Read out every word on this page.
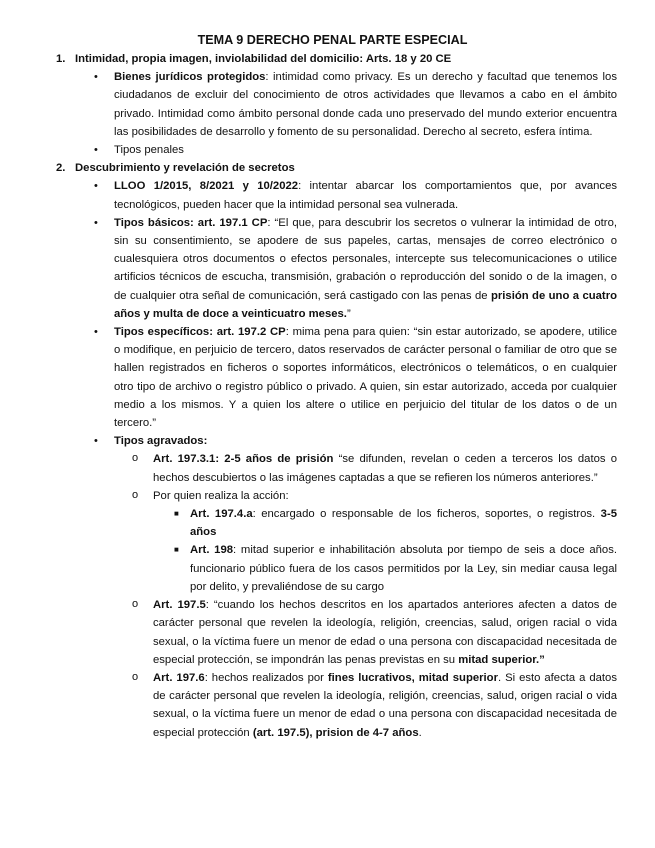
TEMA 9 DERECHO PENAL PARTE ESPECIAL
1. Intimidad, propia imagen, inviolabilidad del domicilio: Arts. 18 y 20 CE
• Bienes jurídicos protegidos: intimidad como privacy. Es un derecho y facultad que tenemos los ciudadanos de excluir del conocimiento de otros actividades que llevamos a cabo en el ámbito privado. Intimidad como ámbito personal donde cada uno preservado del mundo exterior encuentra las posibilidades de desarrollo y fomento de su personalidad. Derecho al secreto, esfera íntima.
• Tipos penales
2. Descubrimiento y revelación de secretos
• LLOO 1/2015, 8/2021 y 10/2022: intentar abarcar los comportamientos que, por avances tecnológicos, pueden hacer que la intimidad personal sea vulnerada.
• Tipos básicos: art. 197.1 CP: “El que, para descubrir los secretos o vulnerar la intimidad de otro, sin su consentimiento, se apodere de sus papeles, cartas, mensajes de correo electrónico o cualesquiera otros documentos o efectos personales, intercepte sus telecomunicaciones o utilice artificios técnicos de escucha, transmisión, grabación o reproducción del sonido o de la imagen, o de cualquier otra señal de comunicación, será castigado con las penas de prisión de uno a cuatro años y multa de doce a veinticuatro meses.”
• Tipos específicos: art. 197.2 CP: mima pena para quien: “sin estar autorizado, se apodere, utilice o modifique, en perjuicio de tercero, datos reservados de carácter personal o familiar de otro que se hallen registrados en ficheros o soportes informáticos, electrónicos o telemáticos, o en cualquier otro tipo de archivo o registro público o privado. A quien, sin estar autorizado, acceda por cualquier medio a los mismos. Y a quien los altere o utilice en perjuicio del titular de los datos o de un tercero.”
• Tipos agravados:
o Art. 197.3.1: 2-5 años de prisión “se difunden, revelan o ceden a terceros los datos o hechos descubiertos o las imágenes captadas a que se refieren los números anteriores.”
o Por quien realiza la acción:
■ Art. 197.4.a: encargado o responsable de los ficheros, soportes, o registros. 3-5 años
■ Art. 198: mitad superior e inhabilitación absoluta por tiempo de seis a doce años. funcionario público fuera de los casos permitidos por la Ley, sin mediar causa legal por delito, y prevaliéndose de su cargo
o Art. 197.5: “cuando los hechos descritos en los apartados anteriores afecten a datos de carácter personal que revelen la ideología, religión, creencias, salud, origen racial o vida sexual, o la víctima fuere un menor de edad o una persona con discapacidad necesitada de especial protección, se impondrán las penas previstas en su mitad superior.”
o Art. 197.6: hechos realizados por fines lucrativos, mitad superior. Si esto afecta a datos de carácter personal que revelen la ideología, religión, creencias, salud, origen racial o vida sexual, o la víctima fuere un menor de edad o una persona con discapacidad necesitada de especial protección (art. 197.5), prision de 4-7 años.
